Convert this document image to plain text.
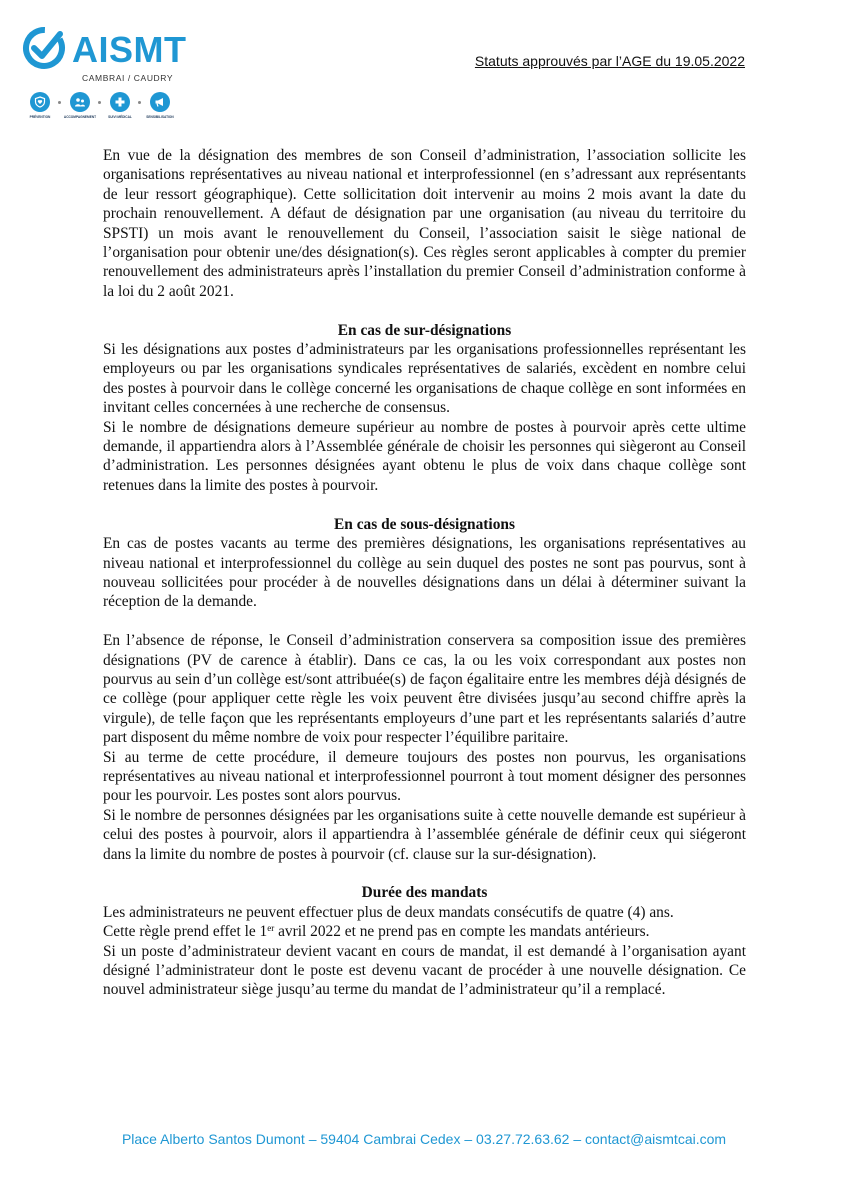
AISMT
CAMBRAI / CAUDRY
PRÉVENTION	ACCOMPAGNEMENT	SUIVI MÉDICAL	SENSIBILISATION
Statuts approuvés par l’AGE du 19.05.2022

En vue de la désignation des membres de son Conseil d’administration, l’association sollicite les organisations représentatives au niveau national et interprofessionnel (en s’adressant aux représentants de leur ressort géographique). Cette sollicitation doit intervenir au moins 2 mois avant la date du prochain renouvellement. A défaut de désignation par une organisation (au niveau du territoire du SPSTI) un mois avant le renouvellement du Conseil, l’association saisit le siège national de l’organisation pour obtenir une/des désignation(s). Ces règles seront applicables à compter du premier renouvellement des administrateurs après l’installation du premier Conseil d’administration conforme à la loi du 2 août 2021.

En cas de sur-désignations

Si les désignations aux postes d’administrateurs par les organisations professionnelles représentant les employeurs ou par les organisations syndicales représentatives de salariés, excèdent en nombre celui des postes à pourvoir dans le collège concerné les organisations de chaque collège en sont informées en invitant celles concernées à une recherche de consensus.

Si le nombre de désignations demeure supérieur au nombre de postes à pourvoir après cette ultime demande, il appartiendra alors à l’Assemblée générale de choisir les personnes qui siègeront au Conseil d’administration. Les personnes désignées ayant obtenu le plus de voix dans chaque collège sont retenues dans la limite des postes à pourvoir.

En cas de sous-désignations

En cas de postes vacants au terme des premières désignations, les organisations représentatives au niveau national et interprofessionnel du collège au sein duquel des postes ne sont pas pourvus, sont à nouveau sollicitées pour procéder à de nouvelles désignations dans un délai à déterminer suivant la réception de la demande.

En l’absence de réponse, le Conseil d’administration conservera sa composition issue des premières désignations (PV de carence à établir). Dans ce cas, la ou les voix correspondant aux postes non pourvus au sein d’un collège est/sont attribuée(s) de façon égalitaire entre les membres déjà désignés de ce collège (pour appliquer cette règle les voix peuvent être divisées jusqu’au second chiffre après la virgule), de telle façon que les représentants employeurs d’une part et les représentants salariés d’autre part disposent du même nombre de voix pour respecter l’équilibre paritaire.

Si au terme de cette procédure, il demeure toujours des postes non pourvus, les organisations représentatives au niveau national et interprofessionnel pourront à tout moment désigner des personnes pour les pourvoir. Les postes sont alors pourvus.

Si le nombre de personnes désignées par les organisations suite à cette nouvelle demande est supérieur à celui des postes à pourvoir, alors il appartiendra à l’assemblée générale de définir ceux qui siégeront dans la limite du nombre de postes à pourvoir (cf. clause sur la sur-désignation).

Durée des mandats

Les administrateurs ne peuvent effectuer plus de deux mandats consécutifs de quatre (4) ans.

Cette règle prend effet le 1er avril 2022 et ne prend pas en compte les mandats antérieurs.

Si un poste d’administrateur devient vacant en cours de mandat, il est demandé à l’organisation ayant désigné l’administrateur dont le poste est devenu vacant de procéder à une nouvelle désignation. Ce nouvel administrateur siège jusqu’au terme du mandat de l’administrateur qu’il a remplacé.

Place Alberto Santos Dumont – 59404 Cambrai Cedex – 03.27.72.63.62 – contact@aismtcai.com
